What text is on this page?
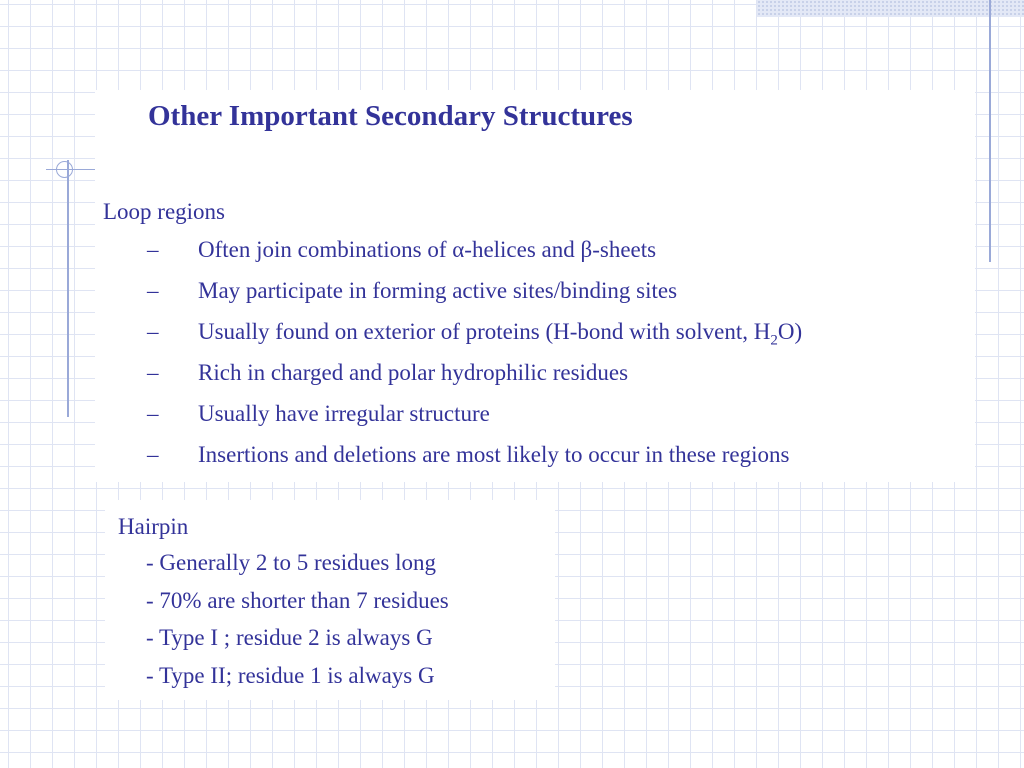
Other Important Secondary Structures
Loop regions
–	Often join combinations of α-helices and β-sheets
–	May participate in forming active sites/binding sites
–	Usually found on exterior of proteins (H-bond with solvent, $H_2O$)
–	Rich in charged and polar hydrophilic residues
–	Usually have irregular structure
–	Insertions and deletions are most likely to occur in these regions
Hairpin
- Generally 2 to 5 residues long
- 70% are shorter than 7 residues
- Type I ; residue 2 is always G
- Type II; residue 1 is always G
